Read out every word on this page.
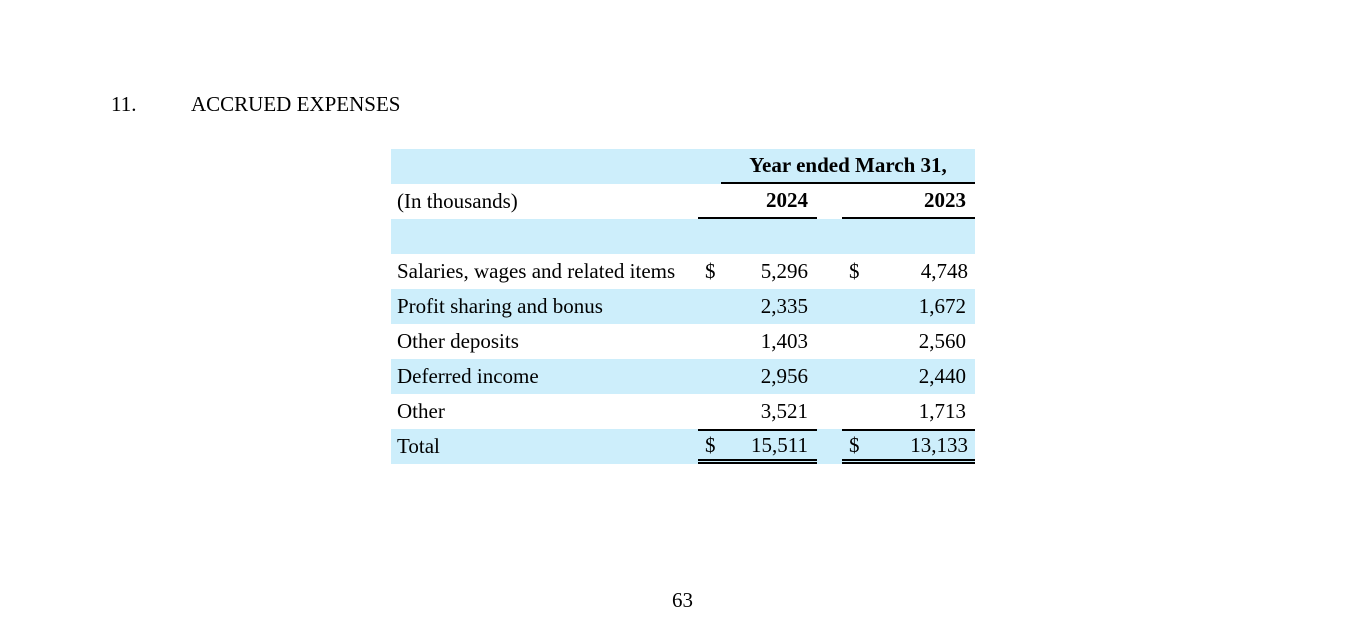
11.	ACCRUED EXPENSES
		Year ended March 31,			
(In thousands)		2024			2023

Salaries, wages and related items	$	5,296		$	4,748
Profit sharing and bonus		2,335			1,672
Other deposits		1,403			2,560
Deferred income		2,956			2,440
Other		3,521			1,713
Total	$	15,511		$	13,133
63
